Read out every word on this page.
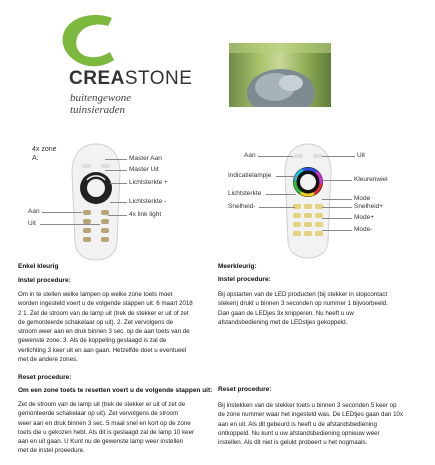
CREASTONE
buitengewone tuinsieraden
4x zone
A:	Master Aan
Master Uit
Lichtsterkte +
Lichtsterkte -
4x link light
Aan
Uit
Aan	Uit
Indicatielampje
Kleurenwiel
Lichtsterkte
Snelheid-
Mode
Snelheid+
Mode+
Mode-
Enkel kleurig
Instel procedure:
Om in te stellen welke lampen op welke zone toets moet
worden ingesteld voert u de volgende stappen uit: 6 maart 2018
2 1. Zet de stroom van de lamp uit (trek de stekker er uit of zet
de gemonteerde schakelaar op uit). 2. Zet vervolgens de
stroom weer aan en druk binnen 3 sec. op de aan toets van de
gewenste zone. 3. Als de koppeling geslaagd is zal de
verlichting 3 keer uit en aan gaan. Hetzelfde doet u eventueel
met de andere zones.
Reset procedure:
Om een zone toets te resetten voert u de volgende stappen uit:
Zet de stroom van de lamp uit (trek de stekker er uit of zet de
gemonteerde schakelaar op uit). Zet vervolgens de stroom
weer aan en druk binnen 3 sec. 5 maal snel en kort op de zone
toets die u gekozen hebt. Als dit is geslaagd zal de lamp 10 keer
aan en uit gaan. U Kunt nu de gewenste lamp weer instellen
met de instel proeedure.
Meerkleurig:
Instel procedure:
Bij opstarten van de LED producten (bij stekker in stopcontact
steken) drukt u binnen 3 seconden op nummer 1 bijvoorbeeld.
Dan gaan de LEDjes 3x knipperen. Nu heeft u uw
afstandsbediening met de LEDstjes gekoppeld.
Reset procedure:
Bij instekken van de stekker toets u binnen 3 seconden 5 keer op
de zone nummer waar het ingesteld was. De LEDtjes gaan dan 10x
aan en uit. Als dit gebeurd is heeft u de afstandsbediening
ontkoppeld. Nu kunt u uw afstandsbediening opnieuw weer
instellen. Als dit niet is gelukt probeert u het nogmaals.
